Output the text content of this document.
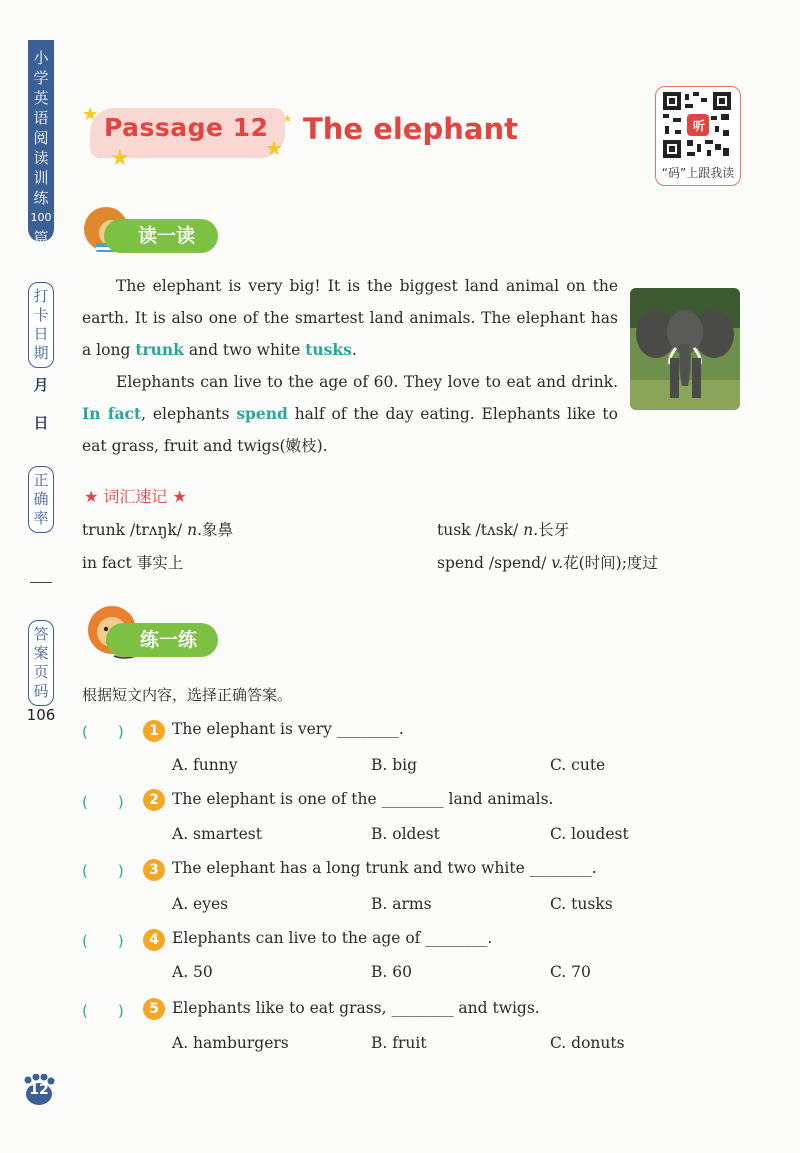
小
学
英
语
阅
读
训
练
100
篇
打
卡
日
期
月
日
正
确
率
答
案
页
码
106
★
★	★
★
Passage 12 The elephant	听
“码”上跟我读
读一读

The elephant is very big! It is the biggest land animal on the earth. It is also one of the smartest land animals. The elephant has a long trunk and two white tusks.

Elephants can live to the age of 60. They love to eat and drink. In fact, elephants spend half of the day eating. Elephants like to eat grass, fruit and twigs(嫩枝).

★ 词汇速记 ★
trunk /trʌŋk/ n.象鼻	tusk /tʌsk/ n.长牙
in fact 事实上	spend /spend/ v.花(时间);度过
练一练
根据短文内容，选择正确答案。
(　　)	1 The elephant is very ________.
A. funny	B. big	C. cute
(　　)	2 The elephant is one of the ________ land animals.
A. smartest	B. oldest	C. loudest
(　　)	3 The elephant has a long trunk and two white ________.
A. eyes	B. arms	C. tusks
(　　)	4 Elephants can live to the age of ________.
A. 50	B. 60	C. 70
(　　)	5 Elephants like to eat grass, ________ and twigs.
A. hamburgers	B. fruit	C. donuts
12
